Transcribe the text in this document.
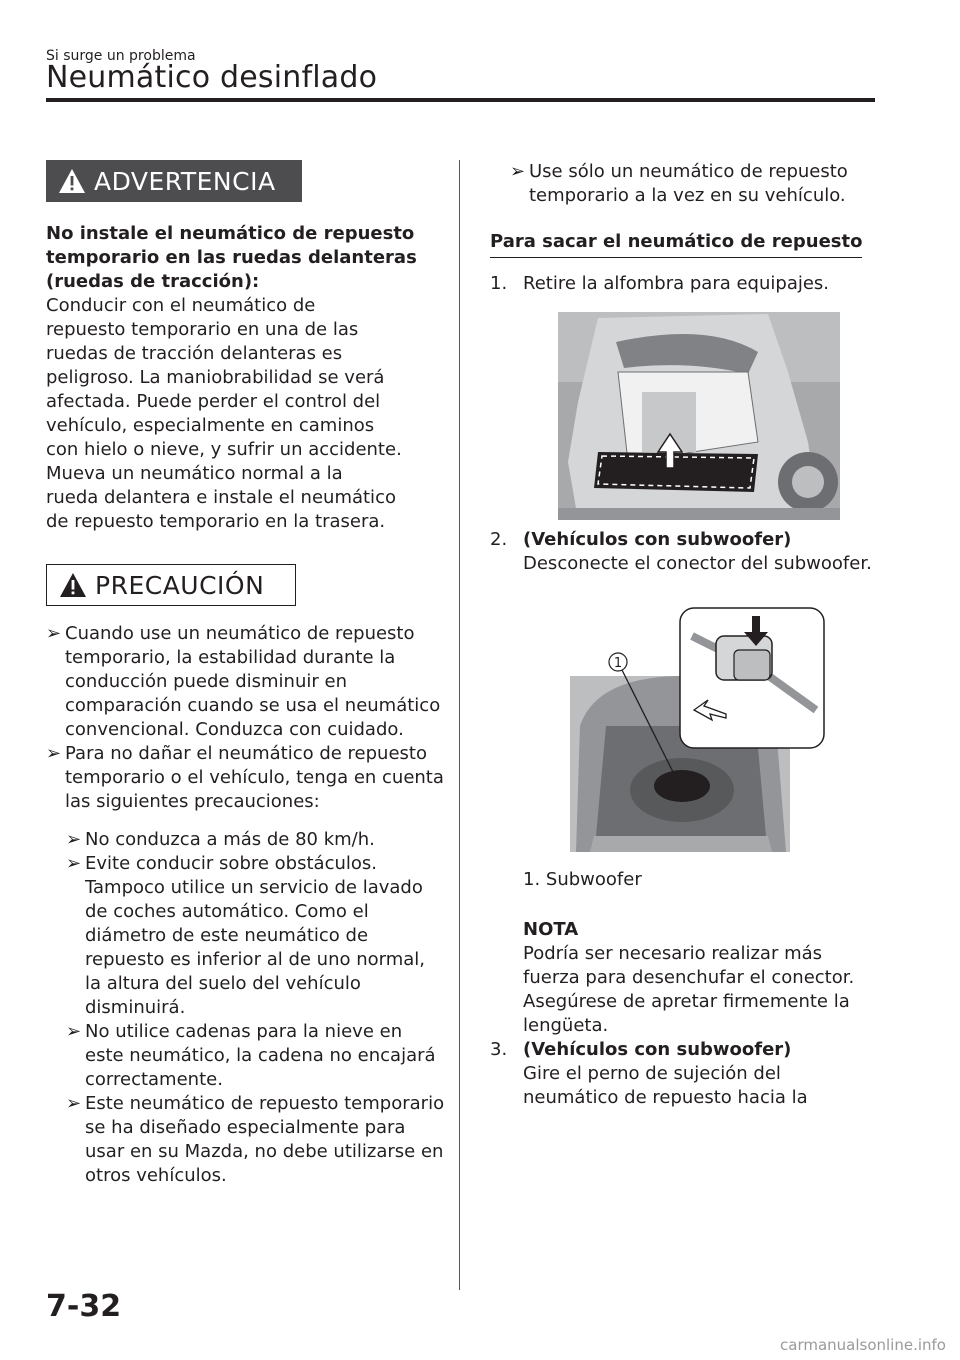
Si surge un problema
Neumático desinflado
ADVERTENCIA
No instale el neumático de repuesto temporario en las ruedas delanteras (ruedas de tracción):
Conducir con el neumático de
repuesto temporario en una de las
ruedas de tracción delanteras es
peligroso. La maniobrabilidad se verá
afectada. Puede perder el control del
vehículo, especialmente en caminos
con hielo o nieve, y sufrir un accidente.
Mueva un neumático normal a la
rueda delantera e instale el neumático
de repuesto temporario en la trasera.
PRECAUCIÓN
➢ Cuando use un neumático de repuesto temporario, la estabilidad durante la conducción puede disminuir en comparación cuando se usa el neumático convencional. Conduzca con cuidado.
➢ Para no dañar el neumático de repuesto temporario o el vehículo, tenga en cuenta las siguientes precauciones:
➢ No conduzca a más de 80 km/h.
➢ Evite conducir sobre obstáculos. Tampoco utilice un servicio de lavado de coches automático. Como el diámetro de este neumático de repuesto es inferior al de uno normal, la altura del suelo del vehículo disminuirá.
➢ No utilice cadenas para la nieve en este neumático, la cadena no encajará correctamente.
➢ Este neumático de repuesto temporario se ha diseñado especialmente para usar en su Mazda, no debe utilizarse en otros vehículos.
➢ Use sólo un neumático de repuesto temporario a la vez en su vehículo.
Para sacar el neumático de repuesto
1. Retire la alfombra para equipajes.
2. (Vehículos con subwoofer)
Desconecte el conector del subwoofer.
1
1. Subwoofer
NOTA
Podría ser necesario realizar más fuerza para desenchufar el conector. Asegúrese de apretar firmemente la lengüeta.
3. (Vehículos con subwoofer)
Gire el perno de sujeción del neumático de repuesto hacia la
7-32
carmanualsonline.info
